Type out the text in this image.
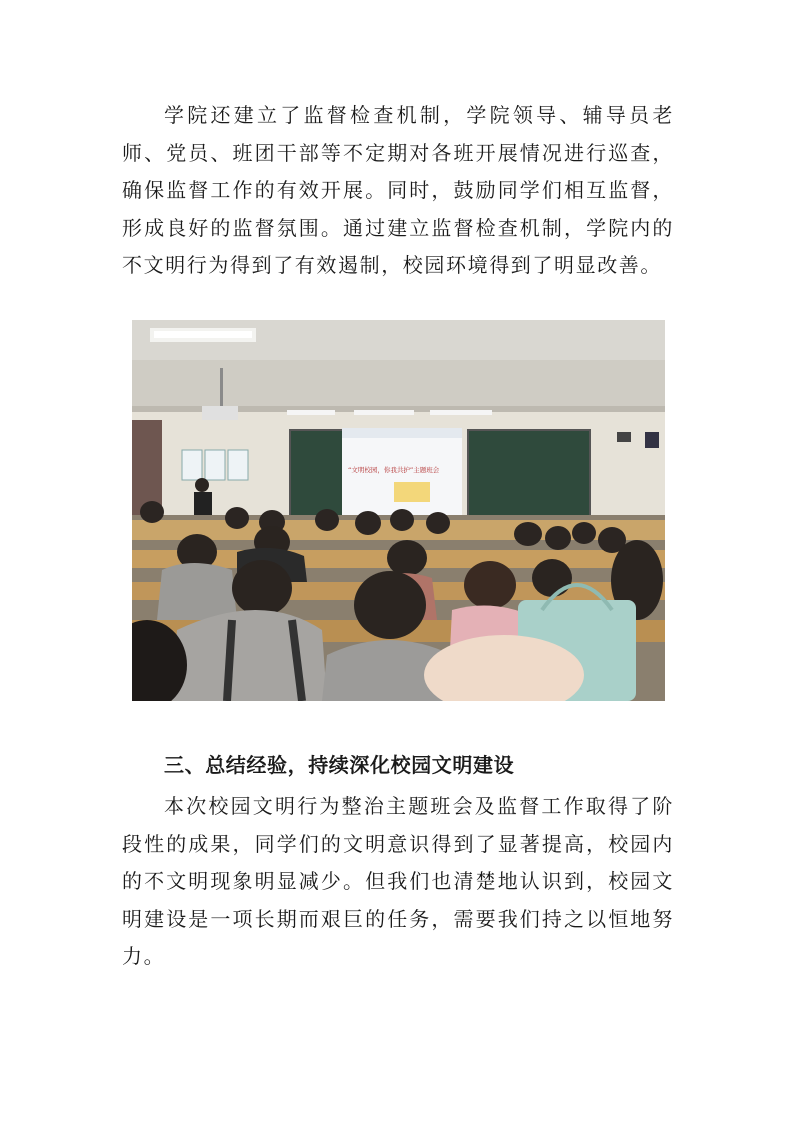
学院还建立了监督检查机制，学院领导、辅导员老师、党员、班团干部等不定期对各班开展情况进行巡查，确保监督工作的有效开展。同时，鼓励同学们相互监督，形成良好的监督氛围。通过建立监督检查机制，学院内的不文明行为得到了有效遏制，校园环境得到了明显改善。

“文明校园，你我共护”主题班会
三、总结经验，持续深化校园文明建设

本次校园文明行为整治主题班会及监督工作取得了阶段性的成果，同学们的文明意识得到了显著提高，校园内的不文明现象明显减少。但我们也清楚地认识到，校园文明建设是一项长期而艰巨的任务，需要我们持之以恒地努力。
